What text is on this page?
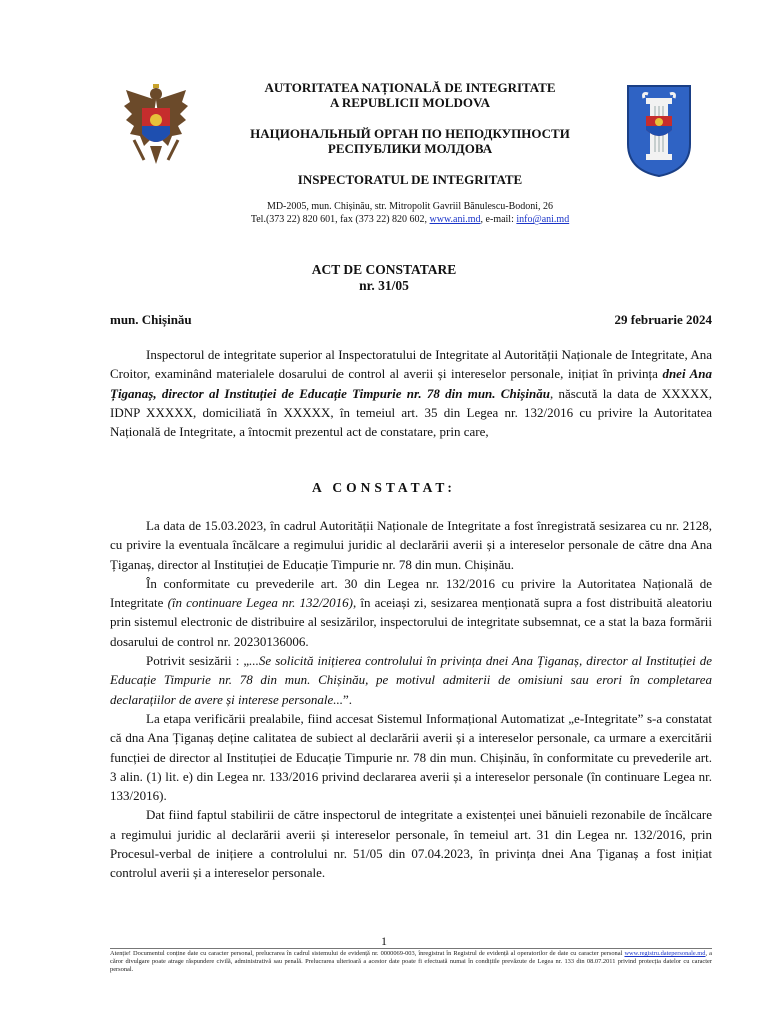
AUTORITATEA NAȚIONALĂ DE INTEGRITATE
A REPUBLICII MOLDOVA
НАЦИОНАЛЬНЫЙ ОРГАН ПО НЕПОДКУПНОСТИ
РЕСПУБЛИКИ МОЛДОВА
INSPECTORATUL DE INTEGRITATE
MD-2005, mun. Chișinău, str. Mitropolit Gavriil Bănulescu-Bodoni, 26
Tel.(373 22) 820 601, fax (373 22) 820 602, www.ani.md, e-mail: info@ani.md
ACT DE CONSTATARE
nr. 31/05
mun. Chișinău	29 februarie 2024
Inspectorul de integritate superior al Inspectoratului de Integritate al Autorității Naționale de Integritate, Ana Croitor, examinând materialele dosarului de control al averii și intereselor personale, inițiat în privința dnei Ana Țiganaș, director al Instituției de Educație Timpurie nr. 78 din mun. Chișinău, născută la data de XXXXX, IDNP XXXXX, domiciliată în XXXXX, în temeiul art. 35 din Legea nr. 132/2016 cu privire la Autoritatea Națională de Integritate, a întocmit prezentul act de constatare, prin care,
A CONSTATAT:

La data de 15.03.2023, în cadrul Autorității Naționale de Integritate a fost înregistrată sesizarea cu nr. 2128, cu privire la eventuala încălcare a regimului juridic al declarării averii și a intereselor personale de către dna Ana Țiganaș, director al Instituției de Educație Timpurie nr. 78 din mun. Chișinău.

În conformitate cu prevederile art. 30 din Legea nr. 132/2016 cu privire la Autoritatea Națională de Integritate (în continuare Legea nr. 132/2016), în aceiași zi, sesizarea menționată supra a fost distribuită aleatoriu prin sistemul electronic de distribuire al sesizărilor, inspectorului de integritate subsemnat, ce a stat la baza formării dosarului de control nr. 20230136006.

Potrivit sesizării : „...Se solicită inițierea controlului în privința dnei Ana Țiganaș, director al Instituției de Educație Timpurie nr. 78 din mun. Chișinău, pe motivul admiterii de omisiuni sau erori în completarea declarațiilor de avere și interese personale...”.

La etapa verificării prealabile, fiind accesat Sistemul Informațional Automatizat „e-Integritate” s-a constatat că dna Ana Țiganaș deține calitatea de subiect al declarării averii și a intereselor personale, ca urmare a exercitării funcției de director al Instituției de Educație Timpurie nr. 78 din mun. Chișinău, în conformitate cu prevederile art. 3 alin. (1) lit. e) din Legea nr. 133/2016 privind declararea averii și a intereselor personale (în continuare Legea nr. 133/2016).

Dat fiind faptul stabilirii de către inspectorul de integritate a existenței unei bănuieli rezonabile de încălcare a regimului juridic al declarării averii și intereselor personale, în temeiul art. 31 din Legea nr. 132/2016, prin Procesul-verbal de inițiere a controlului nr. 51/05 din 07.04.2023, în privința dnei Ana Țiganaș a fost inițiat controlul averii și a intereselor personale.

1
Atenție! Documentul conține date cu caracter personal, prelucrarea în cadrul sistemului de evidență nr. 0000069-003, înregistrat în Registrul de evidență al operatorilor de date cu caracter personal www.registru.datepersonale.md, a căror divulgare poate atrage răspundere civilă, administrativă sau penală. Prelucrarea ulterioară a acestor date poate fi efectuată numai în condițiile prevăzute de Legea nr. 133 din 08.07.2011 privind protecția datelor cu caracter personal.
